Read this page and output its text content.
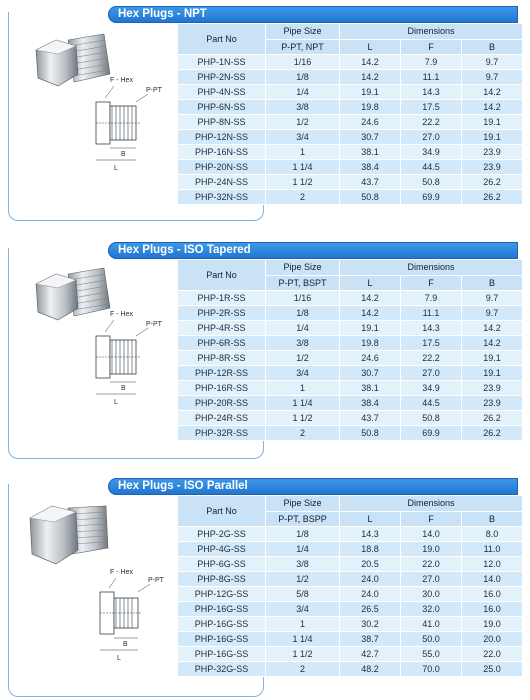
Hex Plugs - NPT
F - Hex
P-PT
B
L
Part No	Pipe Size	Dimensions		
	P-PT, NPT	L	F	B
PHP-1N-SS	1/16	14.2	7.9	9.7
PHP-2N-SS	1/8	14.2	11.1	9.7
PHP-4N-SS	1/4	19.1	14.3	14.2
PHP-6N-SS	3/8	19.8	17.5	14.2
PHP-8N-SS	1/2	24.6	22.2	19.1
PHP-12N-SS	3/4	30.7	27.0	19.1
PHP-16N-SS	1	38.1	34.9	23.9
PHP-20N-SS	1 1/4	38.4	44.5	23.9
PHP-24N-SS	1 1/2	43.7	50.8	26.2
PHP-32N-SS	2	50.8	69.9	26.2
Hex Plugs - ISO Tapered
F - Hex
P-PT
B
L
Part No	Pipe Size	Dimensions		
	P-PT, BSPT	L	F	B
PHP-1R-SS	1/16	14.2	7.9	9.7
PHP-2R-SS	1/8	14.2	11.1	9.7
PHP-4R-SS	1/4	19.1	14.3	14.2
PHP-6R-SS	3/8	19.8	17.5	14.2
PHP-8R-SS	1/2	24.6	22.2	19.1
PHP-12R-SS	3/4	30.7	27.0	19.1
PHP-16R-SS	1	38.1	34.9	23.9
PHP-20R-SS	1 1/4	38.4	44.5	23.9
PHP-24R-SS	1 1/2	43.7	50.8	26.2
PHP-32R-SS	2	50.8	69.9	26.2
Hex Plugs - ISO Parallel
F - Hex
P-PT
B
L
Part No	Pipe Size	Dimensions		
	P-PT, BSPP	L	F	B
PHP-2G-SS	1/8	14.3	14.0	8.0
PHP-4G-SS	1/4	18.8	19.0	11.0
PHP-6G-SS	3/8	20.5	22.0	12.0
PHP-8G-SS	1/2	24.0	27.0	14.0
PHP-12G-SS	5/8	24.0	30.0	16.0
PHP-16G-SS	3/4	26.5	32.0	16.0
PHP-16G-SS	1	30.2	41.0	19.0
PHP-16G-SS	1 1/4	38.7	50.0	20.0
PHP-16G-SS	1 1/2	42.7	55.0	22.0
PHP-32G-SS	2	48.2	70.0	25.0
